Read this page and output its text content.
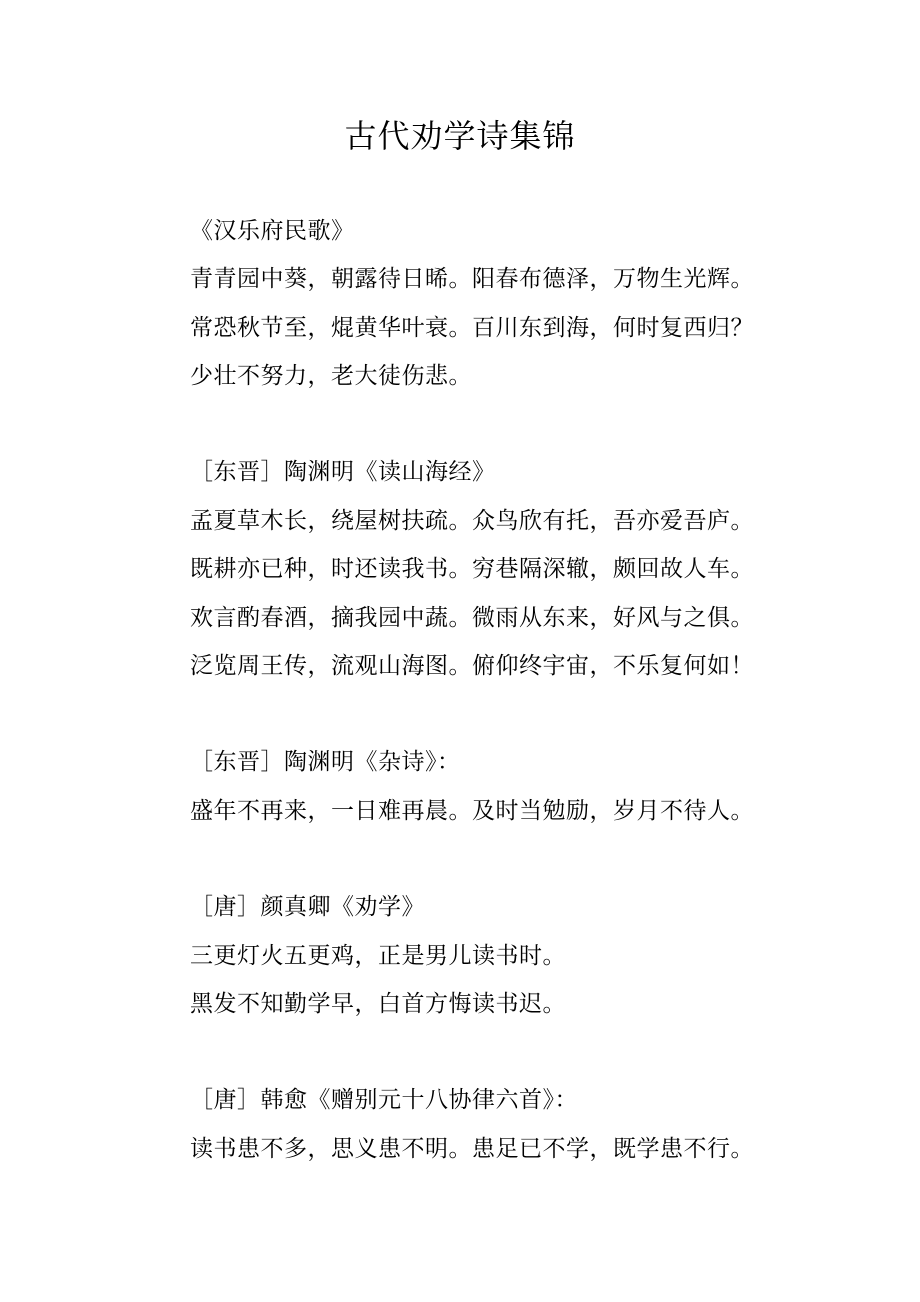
古代劝学诗集锦
《汉乐府民歌》
青青园中葵，朝露待日晞。阳春布德泽，万物生光辉。
常恐秋节至，焜黄华叶衰。百川东到海，何时复西归？
少壮不努力，老大徒伤悲。
［东晋］陶渊明《读山海经》
孟夏草木长，绕屋树扶疏。众鸟欣有托，吾亦爱吾庐。
既耕亦已种，时还读我书。穷巷隔深辙，颇回故人车。
欢言酌春酒，摘我园中蔬。微雨从东来，好风与之俱。
泛览周王传，流观山海图。俯仰终宇宙，不乐复何如！
［东晋］陶渊明《杂诗》：
盛年不再来，一日难再晨。及时当勉励，岁月不待人。
［唐］颜真卿《劝学》
三更灯火五更鸡，正是男儿读书时。
黑发不知勤学早，白首方悔读书迟。
［唐］韩愈《赠别元十八协律六首》：
读书患不多，思义患不明。患足已不学，既学患不行。
